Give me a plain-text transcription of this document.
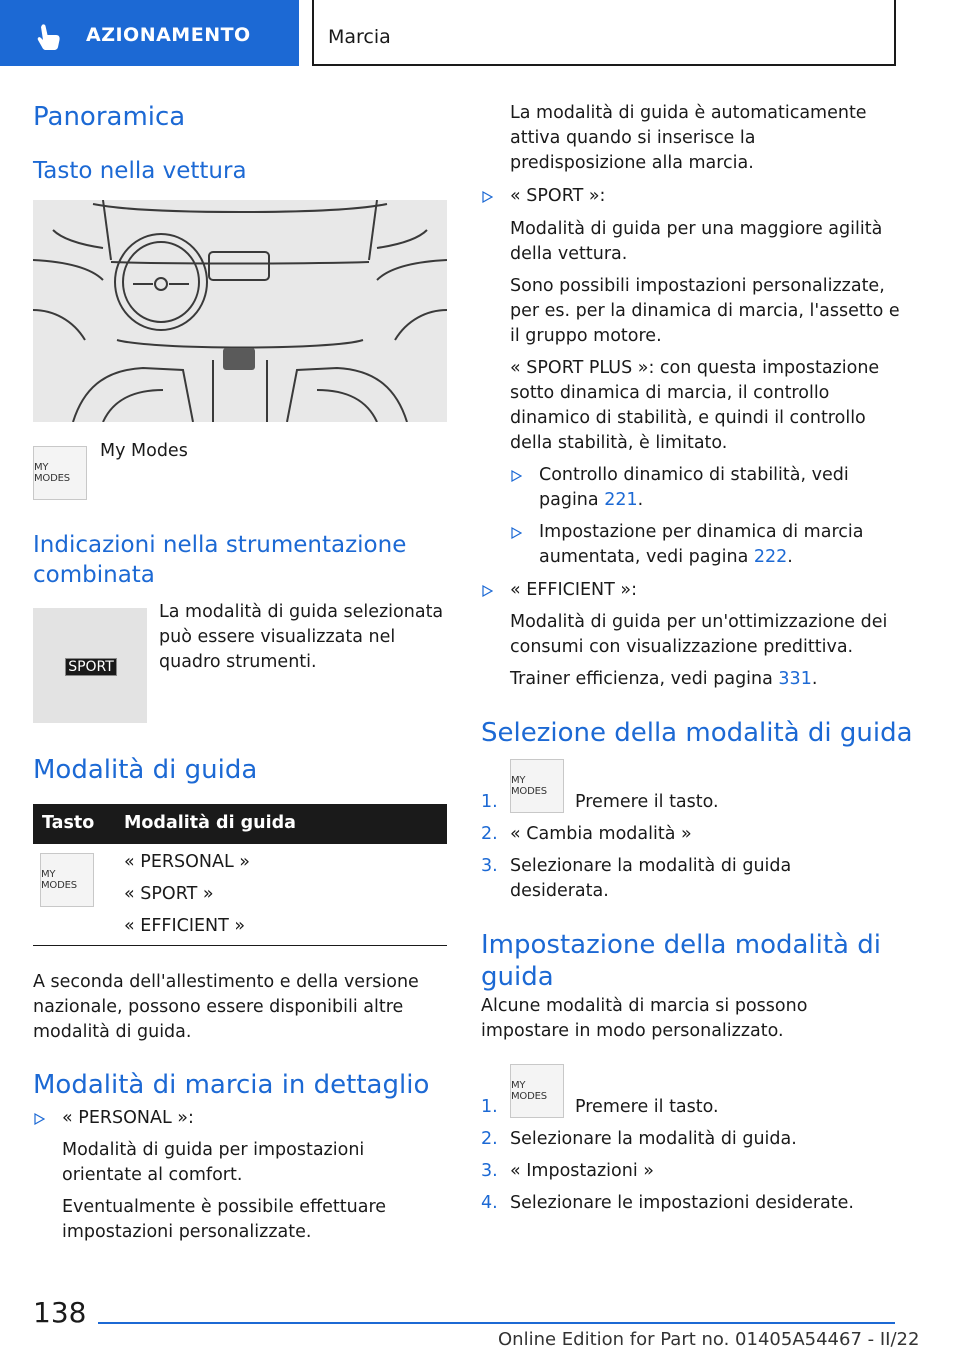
AZIONAMENTO	Marcia
Panoramica
Tasto nella vettura
MY MODES
My Modes
Indicazioni nella strumentazione combinata
SPORT
La modalità di guida selezionata può essere visualizzata nel quadro strumenti.
Modalità di guida
Tasto Modalità di guida
MY MODES
« PERSONAL »
« SPORT »
« EFFICIENT »
A seconda dell'allestimento e della versione nazionale, possono essere disponibili altre modalità di guida.
Modalità di marcia in dettaglio
« PERSONAL »:
Modalità di guida per impostazioni orientate al comfort.
Eventualmente è possibile effettuare impostazioni personalizzate.
La modalità di guida è automaticamente attiva quando si inserisce la predisposizione alla marcia.
« SPORT »:
Modalità di guida per una maggiore agilità della vettura.
Sono possibili impostazioni personalizzate, per es. per la dinamica di marcia, l'assetto e il gruppo motore.
« SPORT PLUS »: con questa impostazione sotto dinamica di marcia, il controllo dinamico di stabilità, e quindi il controllo della stabilità, è limitato.
Controllo dinamico di stabilità, vedi pagina 221.
Impostazione per dinamica di marcia aumentata, vedi pagina 222.
« EFFICIENT »:
Modalità di guida per un'ottimizzazione dei consumi con visualizzazione predittiva.
Trainer efficienza, vedi pagina 331.
Selezione della modalità di guida
1.
MY MODES
Premere il tasto.
2. « Cambia modalità »
3. Selezionare la modalità di guida desiderata.
Impostazione della modalità di guida
Alcune modalità di marcia si possono impostare in modo personalizzato.
1.
MY MODES
Premere il tasto.
2. Selezionare la modalità di guida.
3. « Impostazioni »
4. Selezionare le impostazioni desiderate.
138
Online Edition for Part no. 01405A54467 - II/22
